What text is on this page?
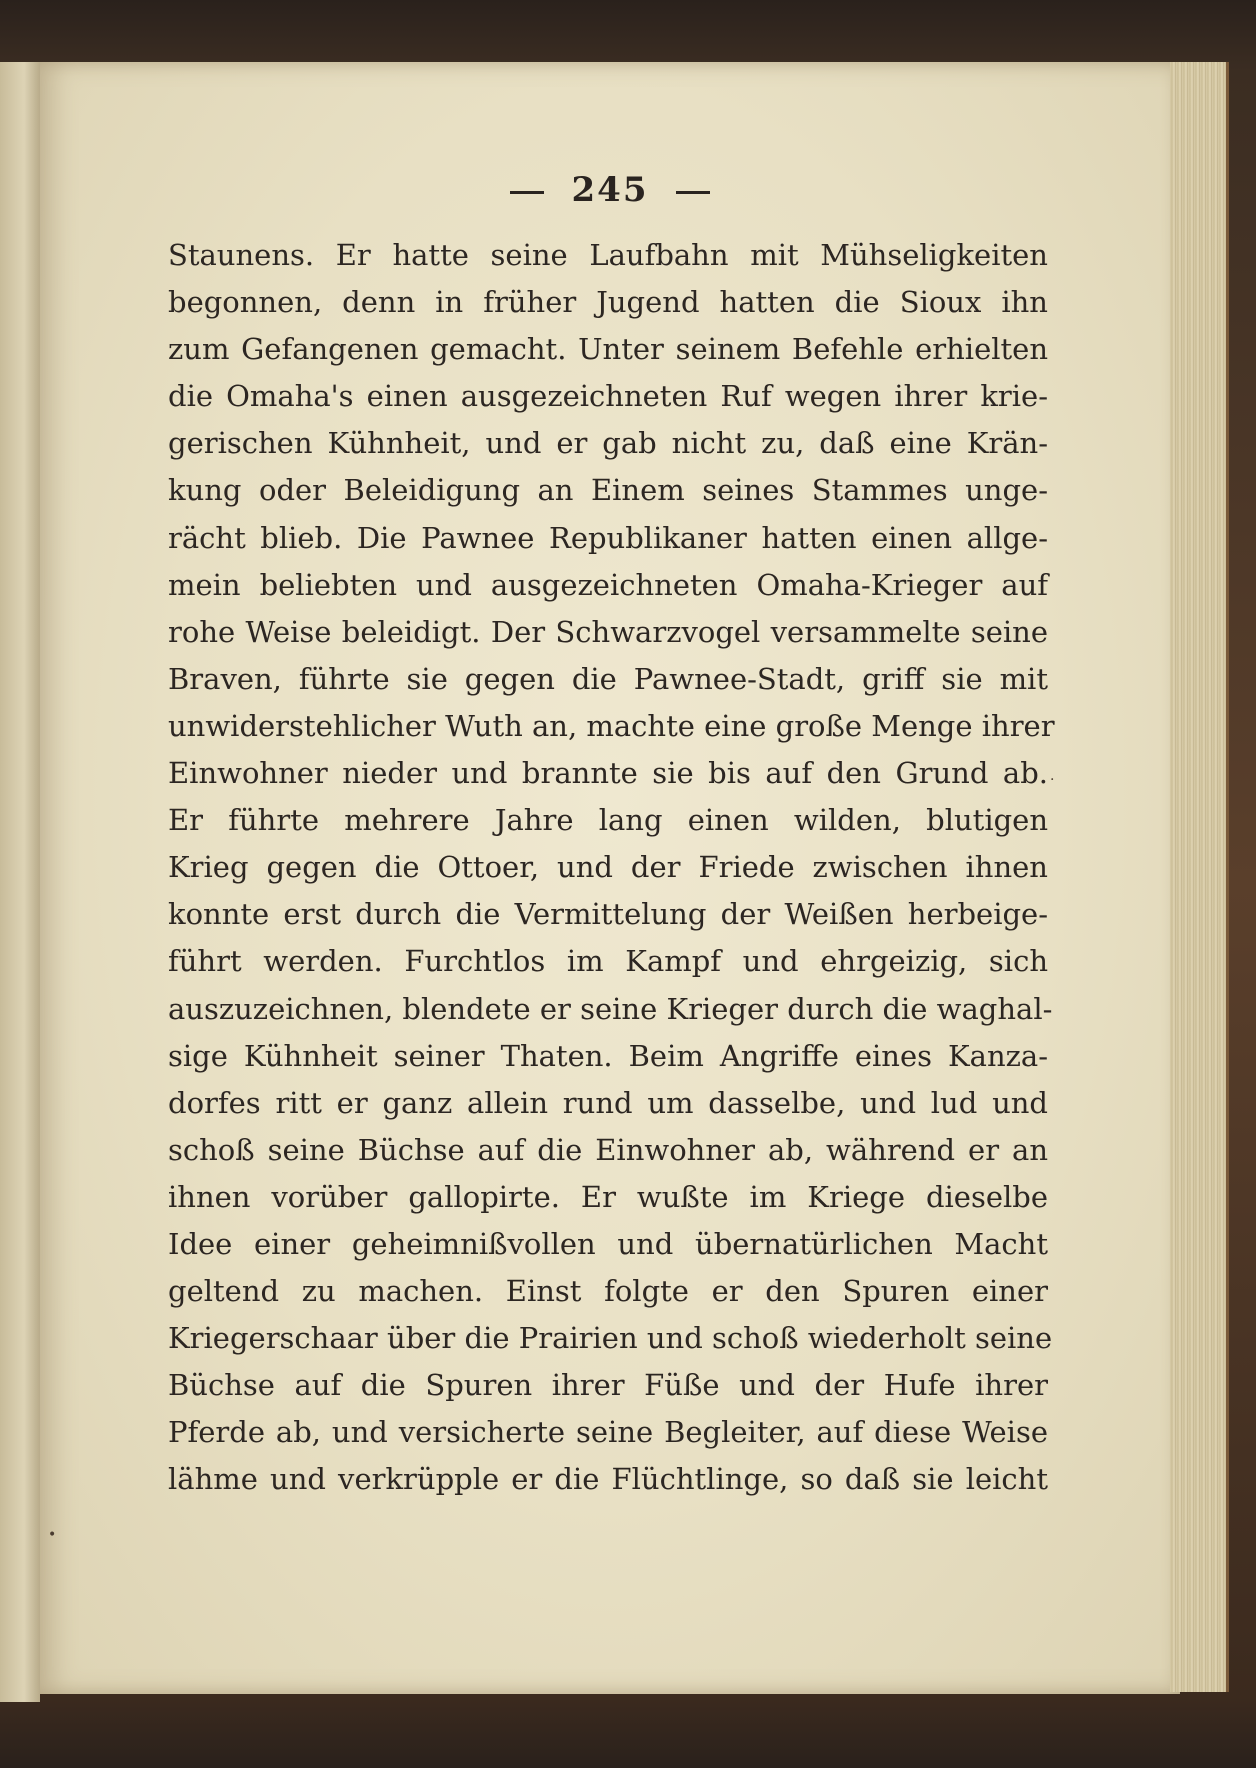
245
Staunens. Er hatte seine Laufbahn mit Mühseligkeiten
begonnen, denn in früher Jugend hatten die Sioux ihn
zum Gefangenen gemacht. Unter seinem Befehle erhielten
die Omaha's einen ausgezeichneten Ruf wegen ihrer krie-
gerischen Kühnheit, und er gab nicht zu, daß eine Krän-
kung oder Beleidigung an Einem seines Stammes unge-
rächt blieb. Die Pawnee Republikaner hatten einen allge-
mein beliebten und ausgezeichneten Omaha-Krieger auf
rohe Weise beleidigt. Der Schwarzvogel versammelte seine
Braven, führte sie gegen die Pawnee-Stadt, griff sie mit
unwiderstehlicher Wuth an, machte eine große Menge ihrer
Einwohner nieder und brannte sie bis auf den Grund ab.
Er führte mehrere Jahre lang einen wilden, blutigen
Krieg gegen die Ottoer, und der Friede zwischen ihnen
konnte erst durch die Vermittelung der Weißen herbeige-
führt werden. Furchtlos im Kampf und ehrgeizig, sich
auszuzeichnen, blendete er seine Krieger durch die waghal-
sige Kühnheit seiner Thaten. Beim Angriffe eines Kanza-
dorfes ritt er ganz allein rund um dasselbe, und lud und
schoß seine Büchse auf die Einwohner ab, während er an
ihnen vorüber gallopirte. Er wußte im Kriege dieselbe
Idee einer geheimnißvollen und übernatürlichen Macht
geltend zu machen. Einst folgte er den Spuren einer
Kriegerschaar über die Prairien und schoß wiederholt seine
Büchse auf die Spuren ihrer Füße und der Hufe ihrer
Pferde ab, und versicherte seine Begleiter, auf diese Weise
lähme und verkrüpple er die Flüchtlinge, so daß sie leicht
•
·
